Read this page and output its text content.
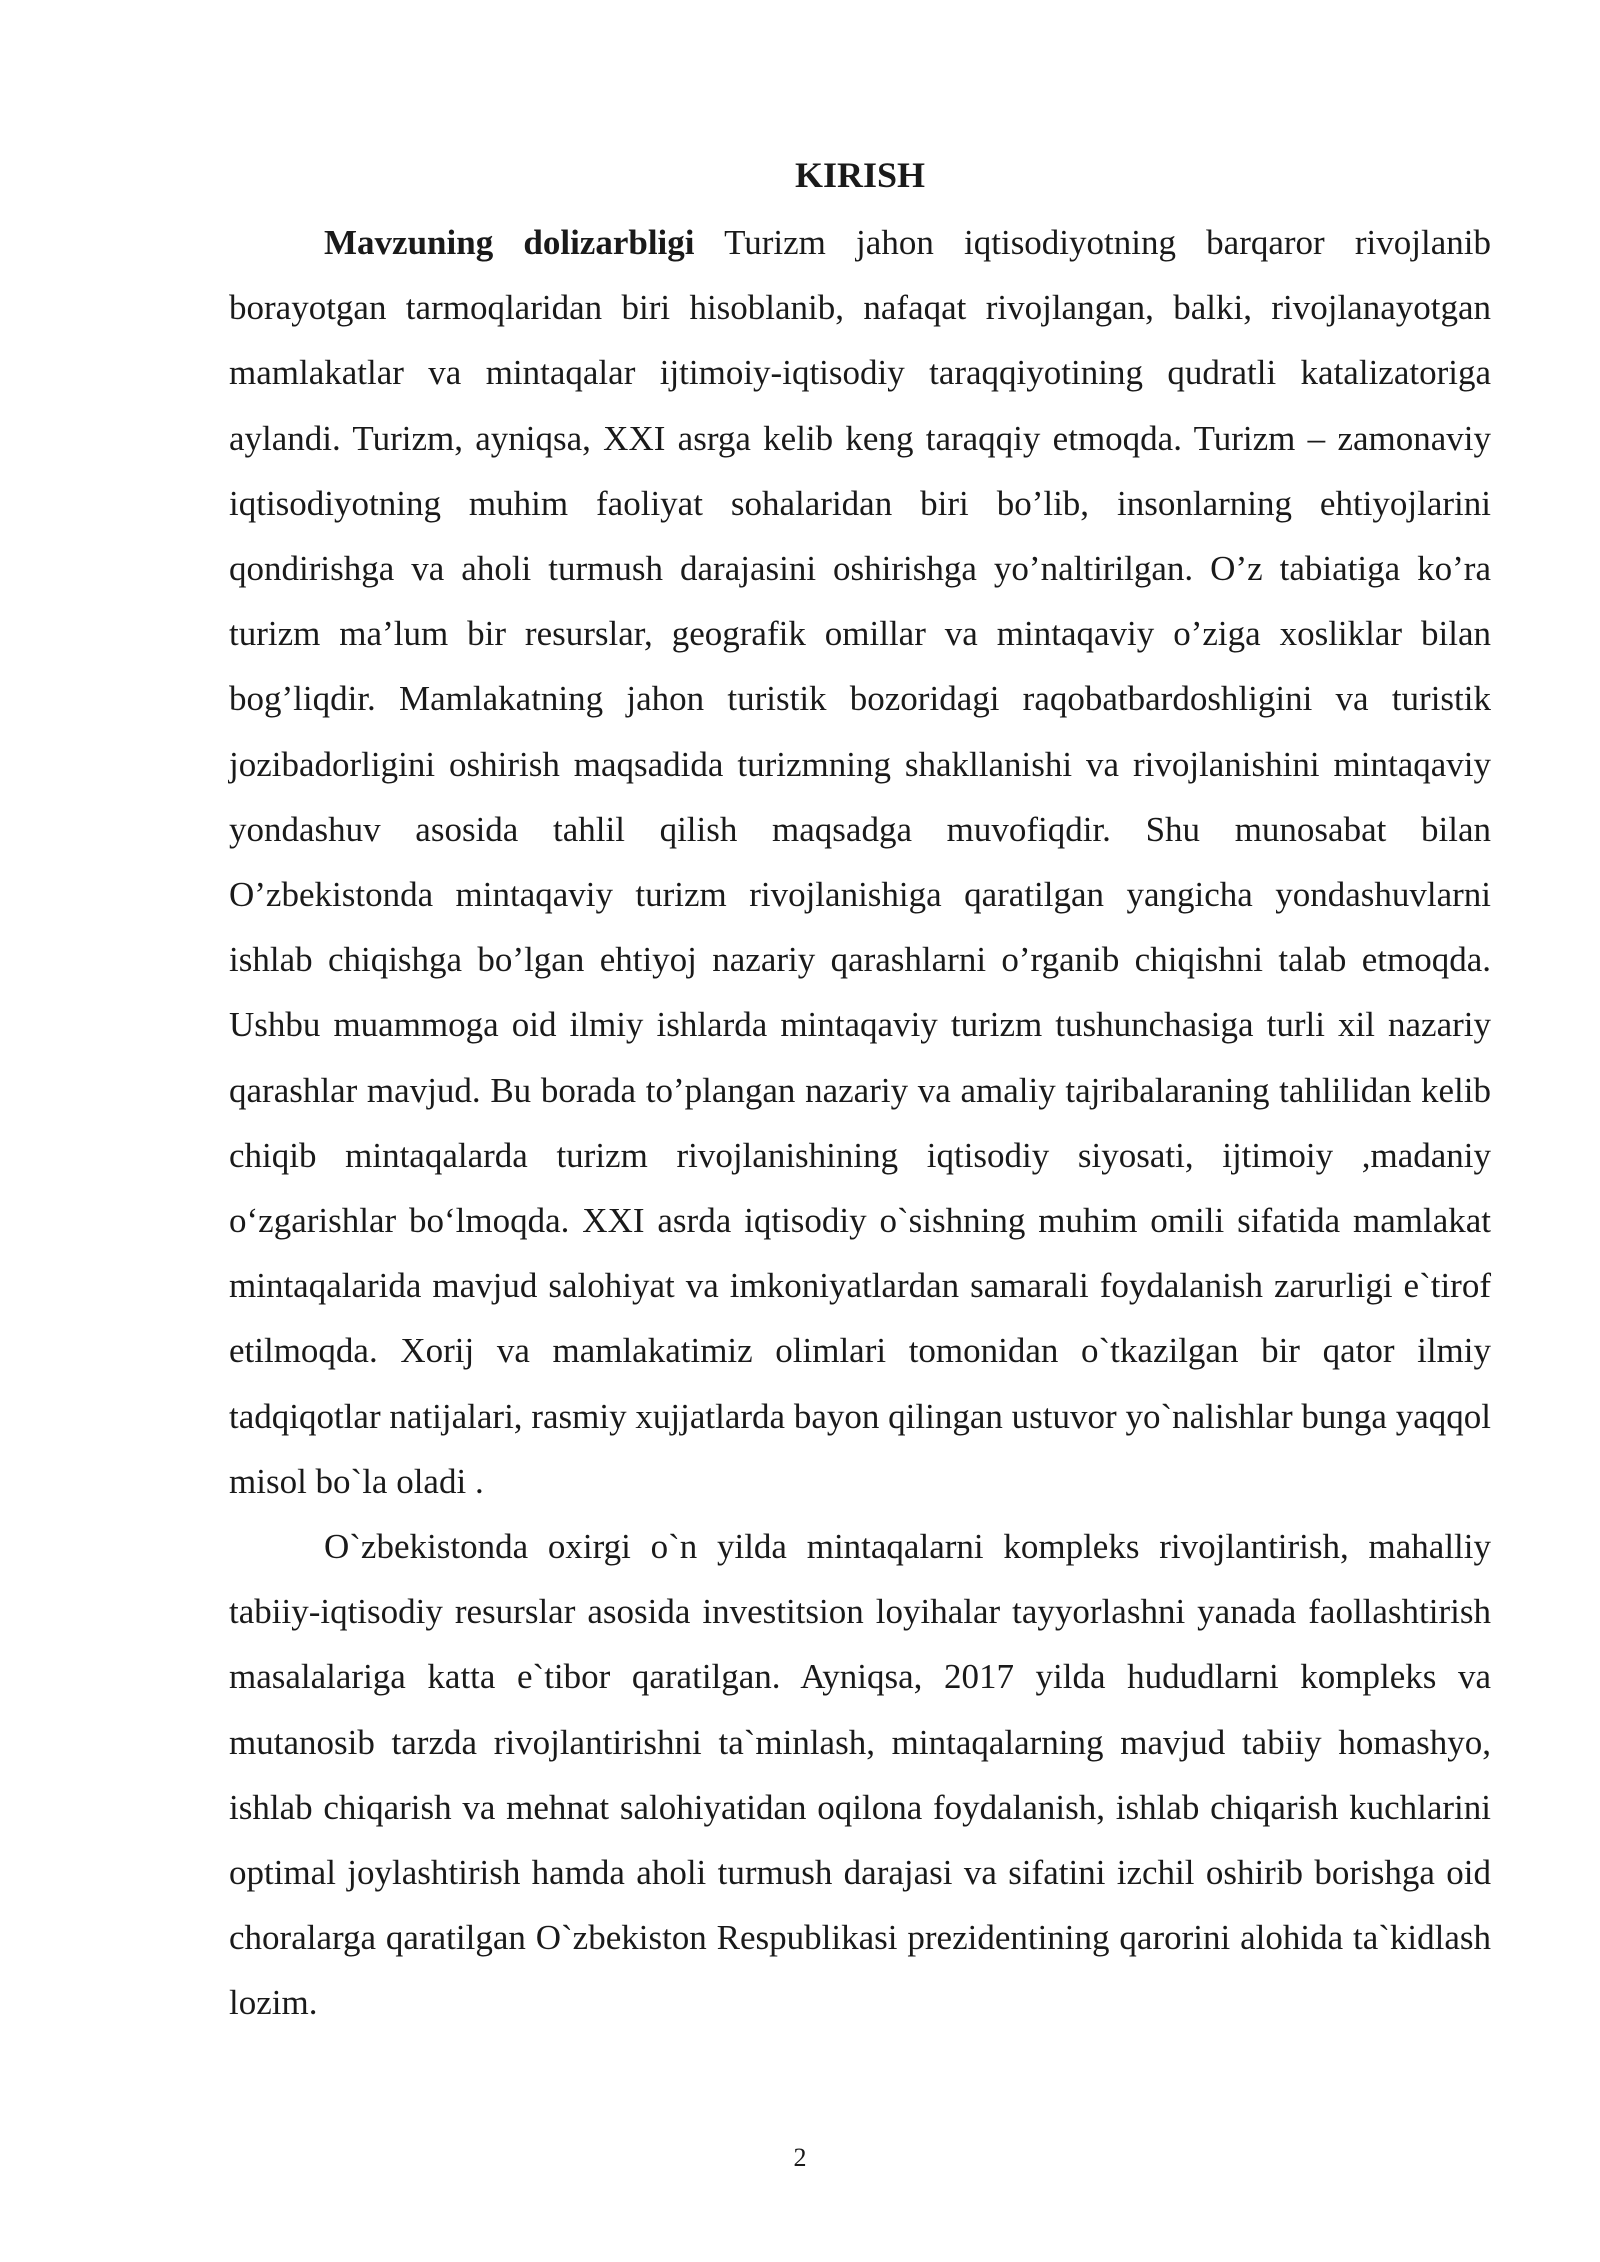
KIRISH

Mavzuning dolizarbligi Turizm jahon iqtisodiyotning barqaror rivojlanib borayotgan tarmoqlaridan biri hisoblanib, nafaqat rivojlangan, balki, rivojlanayotgan mamlakatlar va mintaqalar ijtimoiy-iqtisodiy taraqqiyotining qudratli katalizatoriga aylandi. Turizm, ayniqsa, XXI asrga kelib keng taraqqiy etmoqda. Turizm – zamonaviy iqtisodiyotning muhim faoliyat sohalaridan biri bo’lib, insonlarning ehtiyojlarini qondirishga va aholi turmush darajasini oshirishga yo’naltirilgan. O’z tabiatiga ko’ra turizm ma’lum bir resurslar, geografik omillar va mintaqaviy o’ziga xosliklar bilan bog’liqdir. Mamlakatning jahon turistik bozoridagi raqobatbardoshligini va turistik jozibadorligini oshirish maqsadida turizmning shakllanishi va rivojlanishini mintaqaviy yondashuv asosida tahlil qilish maqsadga muvofiqdir. Shu munosabat bilan O’zbekistonda mintaqaviy turizm rivojlanishiga qaratilgan yangicha yondashuvlarni ishlab chiqishga bo’lgan ehtiyoj nazariy qarashlarni o’rganib chiqishni talab etmoqda. Ushbu muammoga oid ilmiy ishlarda mintaqaviy turizm tushunchasiga turli xil nazariy qarashlar mavjud. Bu borada to’plangan nazariy va amaliy tajribalaraning tahlilidan kelib chiqib mintaqalarda turizm rivojlanishining iqtisodiy siyosati, ijtimoiy ,madaniy o‘zgarishlar bo‘lmoqda. XXI asrda iqtisodiy o`sishning muhim omili sifatida mamlakat mintaqalarida mavjud salohiyat va imkoniyatlardan samarali foydalanish zarurligi e`tirof etilmoqda. Xorij va mamlakatimiz olimlari tomonidan o`tkazilgan bir qator ilmiy tadqiqotlar natijalari, rasmiy xujjatlarda bayon qilingan ustuvor yo`nalishlar bunga yaqqol misol bo`la oladi .

O`zbekistonda oxirgi o`n yilda mintaqalarni kompleks rivojlantirish, mahalliy tabiiy-iqtisodiy resurslar asosida investitsion loyihalar tayyorlashni yanada faollashtirish masalalariga katta e`tibor qaratilgan. Ayniqsa, 2017 yilda hududlarni kompleks va mutanosib tarzda rivojlantirishni ta`minlash, mintaqalarning mavjud tabiiy homashyo, ishlab chiqarish va mehnat salohiyatidan oqilona foydalanish, ishlab chiqarish kuchlarini optimal joylashtirish hamda aholi turmush darajasi va sifatini izchil oshirib borishga oid choralarga qaratilgan O`zbekiston Respublikasi prezidentining qarorini alohida ta`kidlash lozim.

2
